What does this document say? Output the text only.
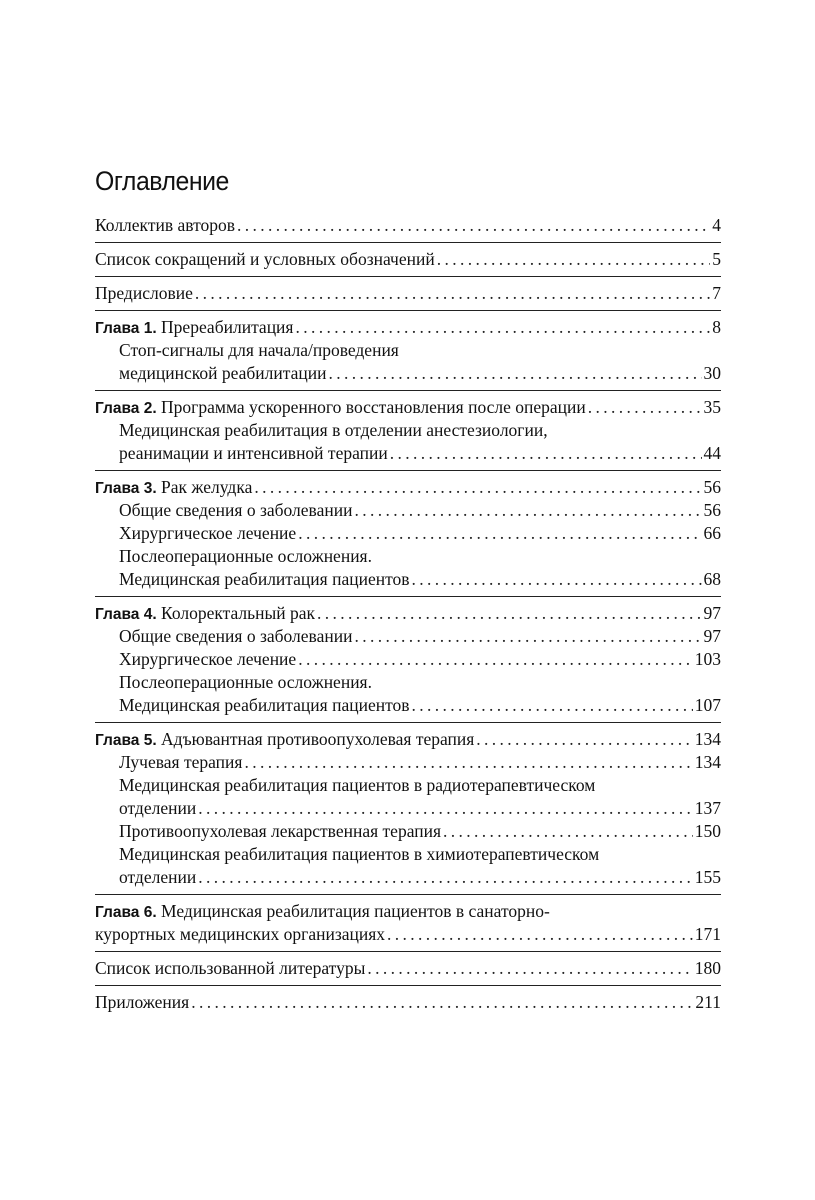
Оглавление
Коллектив авторов . . .	4
Список сокращений и условных обозначений . . .	5
Предисловие . . .	7
Глава 1. Пререабилитация . . .	8
Стоп-сигналы для начала/проведения
медицинской реабилитации . . .	30
Глава 2. Программа ускоренного восстановления после операции . . .	35
Медицинская реабилитация в отделении анестезиологии,
реанимации и интенсивной терапии . . .	44
Глава 3. Рак желудка . . .	56
Общие сведения о заболевании . . .	56
Хирургическое лечение . . .	66
Послеоперационные осложнения.
Медицинская реабилитация пациентов . . .	68
Глава 4. Колоректальный рак . . .	97
Общие сведения о заболевании . . .	97
Хирургическое лечение . . .	103
Послеоперационные осложнения.
Медицинская реабилитация пациентов . . .	107
Глава 5. Адъювантная противоопухолевая терапия . . .	134
Лучевая терапия . . .	134
Медицинская реабилитация пациентов в радиотерапевтическом
отделении . . .	137
Противоопухолевая лекарственная терапия . . .	150
Медицинская реабилитация пациентов в химиотерапевтическом
отделении . . .	155
Глава 6. Медицинская реабилитация пациентов в санаторно-
курортных медицинских организациях . . .	171
Список использованной литературы . . .	180
Приложения . . .	211
